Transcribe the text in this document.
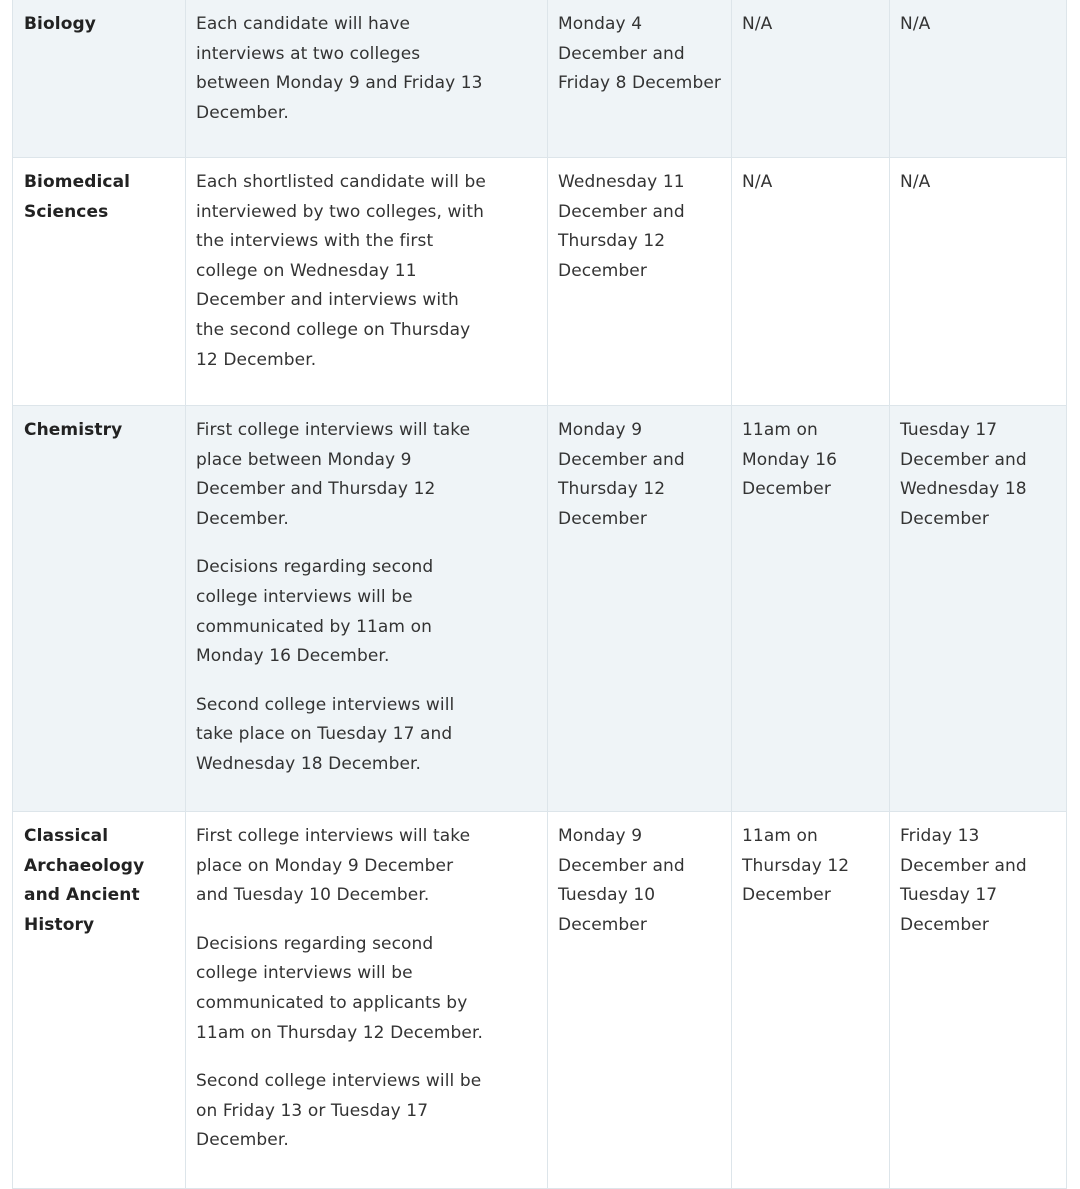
Biology	Each candidate will have interviews at two colleges between Monday 9 and Friday 13 December.	Monday 4 December and Friday 8 December	N/A	N/A
Biomedical Sciences	Each shortlisted candidate will be interviewed by two colleges, with the interviews with the first college on Wednesday 11 December and interviews with the second college on Thursday 12 December.	Wednesday 11 December and Thursday 12 December	N/A	N/A
Chemistry	First college interviews will take place between Monday 9 December and Thursday 12 December.

Decisions regarding second college interviews will be communicated by 11am on Monday 16 December.

Second college interviews will take place on Tuesday 17 and Wednesday 18 December.	Monday 9 December and Thursday 12 December	11am on Monday 16 December	Tuesday 17 December and Wednesday 18 December
Classical Archaeology and Ancient History	First college interviews will take place on Monday 9 December and Tuesday 10 December.

Decisions regarding second college interviews will be communicated to applicants by 11am on Thursday 12 December.

Second college interviews will be on Friday 13 or Tuesday 17 December.	Monday 9 December and Tuesday 10 December	11am on Thursday 12 December	Friday 13 December and Tuesday 17 December
